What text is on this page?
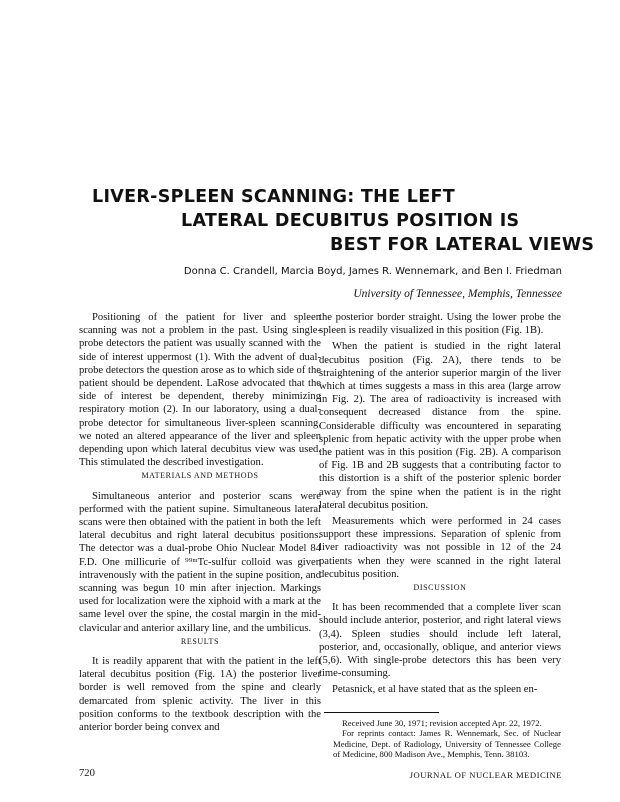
LIVER-SPLEEN SCANNING: THE LEFT
LATERAL DECUBITUS POSITION IS
BEST FOR LATERAL VIEWS
Donna C. Crandell, Marcia Boyd, James R. Wennemark, and Ben I. Friedman
University of Tennessee, Memphis, Tennessee

Positioning of the patient for liver and spleen scanning was not a problem in the past. Using single-probe detectors the patient was usually scanned with the side of interest uppermost (1). With the advent of dual-probe detectors the question arose as to which side of the patient should be dependent. LaRose advocated that the side of interest be dependent, thereby minimizing respiratory motion (2). In our laboratory, using a dual-probe detector for simultaneous liver-spleen scanning, we noted an altered appearance of the liver and spleen depending upon which lateral decubitus view was used. This stimulated the described investigation.

MATERIALS AND METHODS

Simultaneous anterior and posterior scans were performed with the patient supine. Simultaneous lateral scans were then obtained with the patient in both the left lateral decubitus and right lateral decubitus positions. The detector was a dual-probe Ohio Nuclear Model 84 F.D. One millicurie of ⁹⁹ᵐTc-sulfur colloid was given intravenously with the patient in the supine position, and scanning was begun 10 min after injection. Markings used for localization were the xiphoid with a mark at the same level over the spine, the costal margin in the mid-clavicular and anterior axillary line, and the umbilicus.

RESULTS

It is readily apparent that with the patient in the left lateral decubitus position (Fig. 1A) the posterior liver border is well removed from the spine and clearly demarcated from splenic activity. The liver in this position conforms to the textbook description with the anterior border being convex and

the posterior border straight. Using the lower probe the spleen is readily visualized in this position (Fig. 1B).

When the patient is studied in the right lateral decubitus position (Fig. 2A), there tends to be straightening of the anterior superior margin of the liver which at times suggests a mass in this area (large arrow in Fig. 2). The area of radioactivity is increased with consequent decreased distance from the spine. Considerable difficulty was encountered in separating splenic from hepatic activity with the upper probe when the patient was in this position (Fig. 2B). A comparison of Fig. 1B and 2B suggests that a contributing factor to this distortion is a shift of the posterior splenic border away from the spine when the patient is in the right lateral decubitus position.

Measurements which were performed in 24 cases support these impressions. Separation of splenic from liver radioactivity was not possible in 12 of the 24 patients when they were scanned in the right lateral decubitus position.

DISCUSSION

It has been recommended that a complete liver scan should include anterior, posterior, and right lateral views (3,4). Spleen studies should include left lateral, posterior, and, occasionally, oblique, and anterior views (5,6). With single-probe detectors this has been very time-consuming.

Petasnick, et al have stated that as the spleen en-

Received June 30, 1971; revision accepted Apr. 22, 1972.

For reprints contact: James R. Wennemark, Sec. of Nuclear Medicine, Dept. of Radiology, University of Tennessee College of Medicine, 800 Madison Ave., Memphis, Tenn. 38103.

720	JOURNAL OF NUCLEAR MEDICINE
